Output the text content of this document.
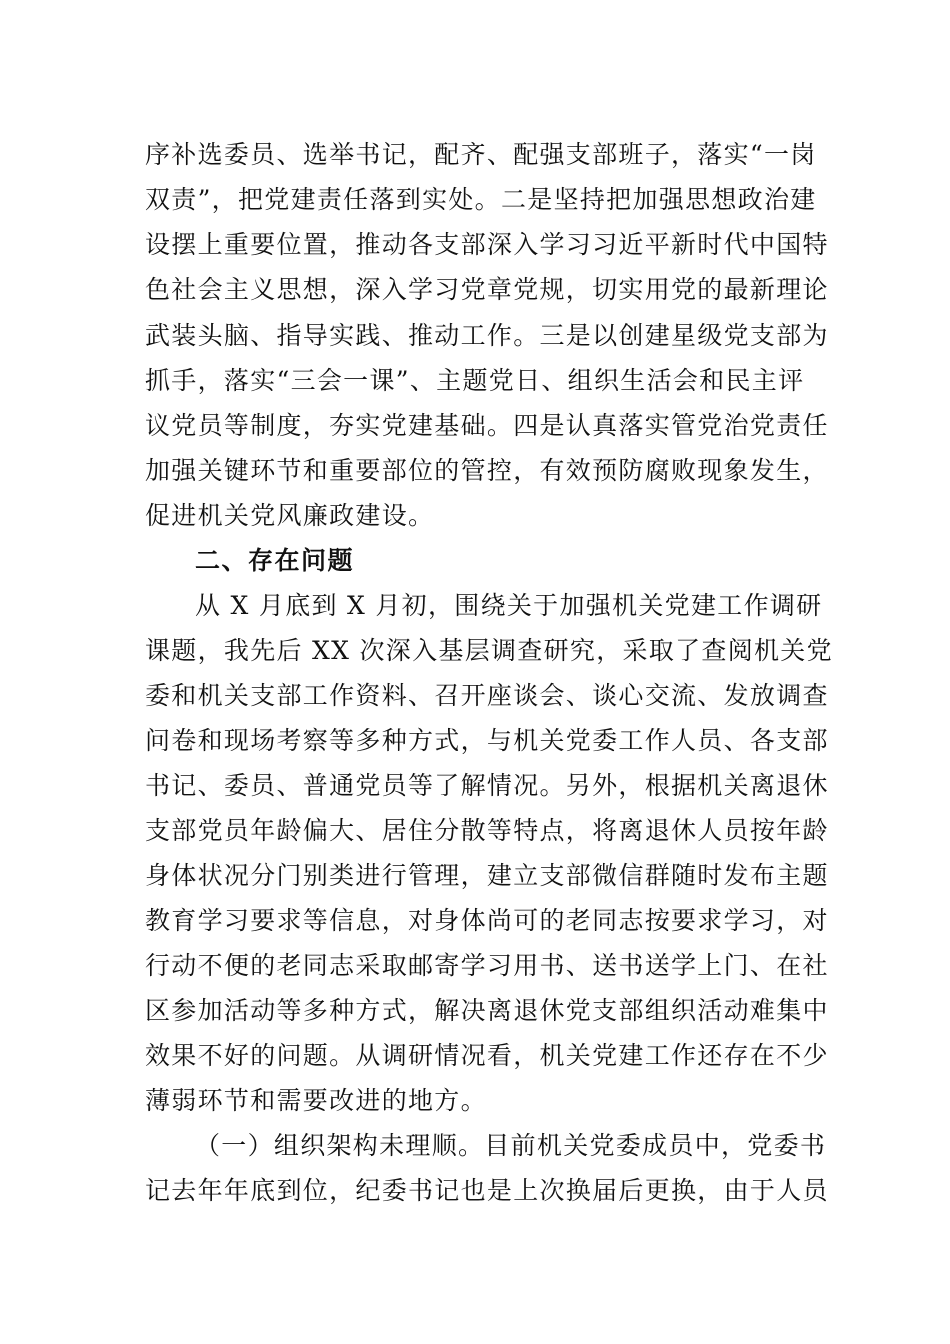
序补选委员、选举书记，配齐、配强支部班子，落实“一岗
双责”，把党建责任落到实处。二是坚持把加强思想政治建
设摆上重要位置，推动各支部深入学习习近平新时代中国特
色社会主义思想，深入学习党章党规，切实用党的最新理论
武装头脑、指导实践、推动工作。三是以创建星级党支部为
抓手，落实“三会一课”、主题党日、组织生活会和民主评
议党员等制度，夯实党建基础。四是认真落实管党治党责任
加强关键环节和重要部位的管控，有效预防腐败现象发生，
促进机关党风廉政建设。
二、存在问题
从 X 月底到 X 月初，围绕关于加强机关党建工作调研
课题，我先后 XX 次深入基层调查研究，采取了查阅机关党
委和机关支部工作资料、召开座谈会、谈心交流、发放调查
问卷和现场考察等多种方式，与机关党委工作人员、各支部
书记、委员、普通党员等了解情况。另外，根据机关离退休
支部党员年龄偏大、居住分散等特点，将离退休人员按年龄
身体状况分门别类进行管理，建立支部微信群随时发布主题
教育学习要求等信息，对身体尚可的老同志按要求学习，对
行动不便的老同志采取邮寄学习用书、送书送学上门、在社
区参加活动等多种方式，解决离退休党支部组织活动难集中
效果不好的问题。从调研情况看，机关党建工作还存在不少
薄弱环节和需要改进的地方。
（一）组织架构未理顺。目前机关党委成员中，党委书
记去年年底到位，纪委书记也是上次换届后更换，由于人员
